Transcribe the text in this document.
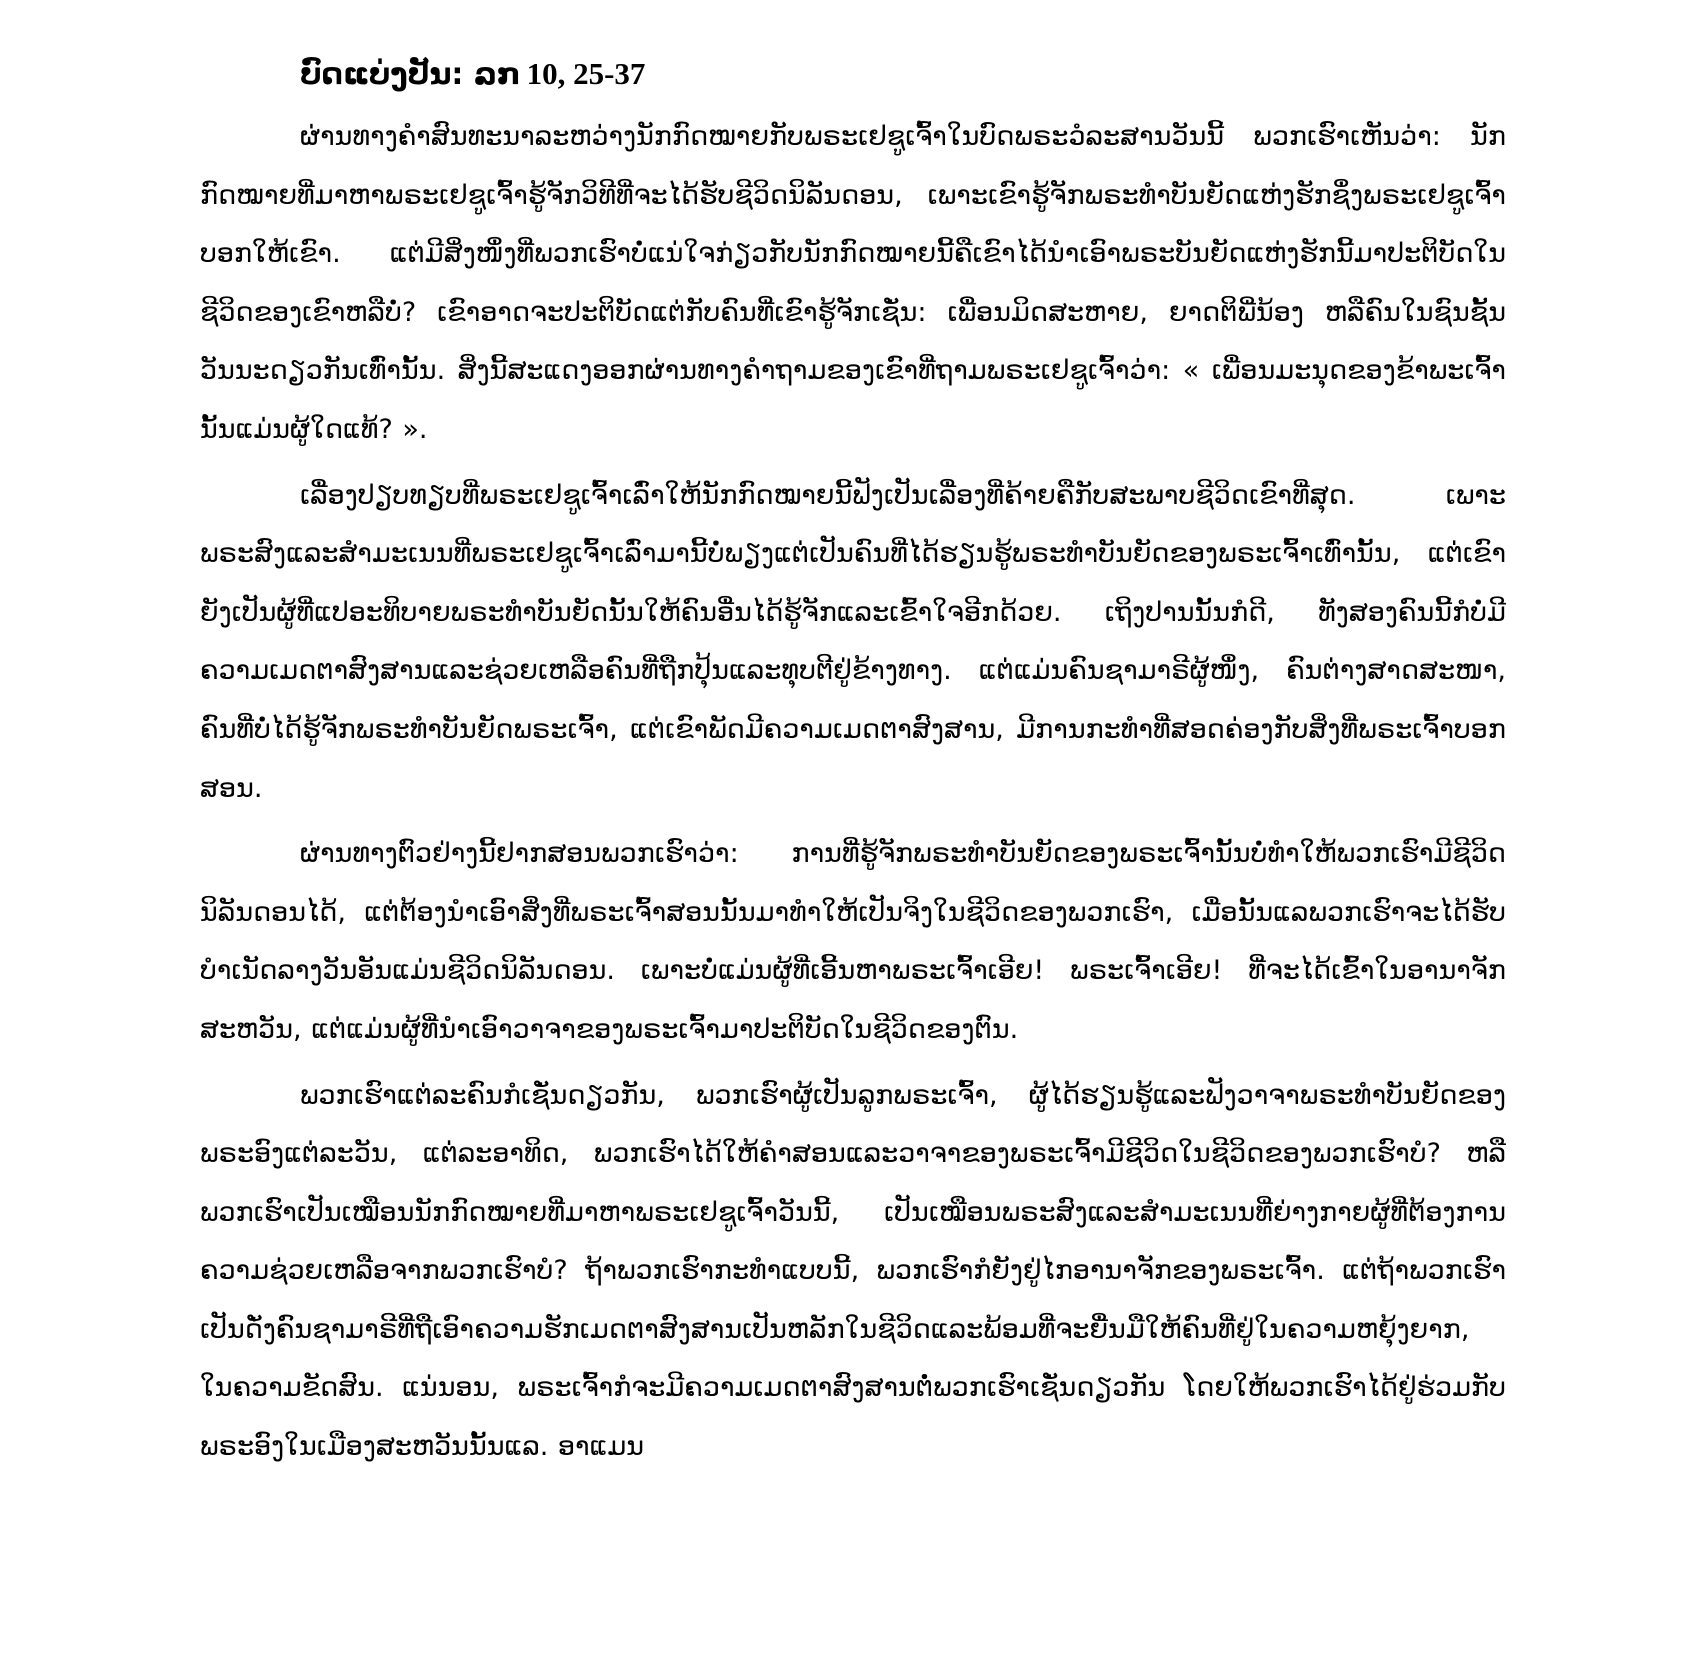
ບົດແບ່ງປັນ: ລກ 10, 25-37

ຜ່ານທາງຄຳສົນທະນາລະຫວ່າງນັກກົດໝາຍກັບພຣະເຢຊູເຈົ້າໃນບົດພຣະວໍລະສານວັນນີ້ ພວກເຮົາເຫັນວ່າ: ນັກກົດໝາຍທີ່ມາຫາພຣະເຢຊູເຈົ້າຮູ້ຈັກວິທີທີ່ຈະໄດ້ຮັບຊີວິດນິລັນດອນ, ເພາະເຂົາຮູ້ຈັກພຣະທຳບັນຍັດແຫ່ງຮັກຊຶ່ງພຣະເຢຊູເຈົ້າບອກໃຫ້ເຂົາ. ແຕ່ມີສິ່ງໜຶ່ງທີ່ພວກເຮົາບໍ່ແນ່ໃຈກ່ຽວກັບນັກກົດໝາຍນີ້ຄືເຂົາໄດ້ນຳເອົາພຣະບັນຍັດແຫ່ງຮັກນີ້ມາປະຕິບັດໃນຊີວິດຂອງເຂົາຫລືບໍ່? ເຂົາອາດຈະປະຕິບັດແຕ່ກັບຄົນທີ່ເຂົາຮູ້ຈັກເຊັ່ນ: ເພື່ອນມິດສະຫາຍ, ຍາດຕິພີ່ນ້ອງ ຫລືຄົນໃນຊົນຊັ້ນວັນນະດຽວກັນເທົ່ານັ້ນ. ສິ່ງນີ້ສະແດງອອກຜ່ານທາງຄຳຖາມຂອງເຂົາທີ່ຖາມພຣະເຢຊູເຈົ້າວ່າ: « ເພື່ອນມະນຸດຂອງຂ້າພະເຈົ້ານັ້ນແມ່ນຜູ້ໃດແທ້? ».

ເລື່ອງປຽບທຽບທີ່ພຣະເຢຊູເຈົ້າເລົ່າໃຫ້ນັກກົດໝາຍນີ້ຟັງເປັນເລື່ອງທີ່ຄ້າຍຄືກັບສະພາບຊີວິດເຂົາທີ່ສຸດ. ເພາະພຣະສົງແລະສຳມະເນນທີ່ພຣະເຢຊູເຈົ້າເລົ່າມານີ້ບໍ່ພຽງແຕ່ເປັນຄົນທີ່ໄດ້ຮຽນຮູ້ພຣະທຳບັນຍັດຂອງພຣະເຈົ້າເທົ່ານັ້ນ, ແຕ່ເຂົາຍັງເປັນຜູ້ທີ່ແປອະທິບາຍພຣະທຳບັນຍັດນັ້ນໃຫ້ຄົນອື່ນໄດ້ຮູ້ຈັກແລະເຂົ້າໃຈອີກດ້ວຍ. ເຖິງປານນັ້ນກໍດີ, ທັງສອງຄົນນີ້ກໍບໍ່ມີຄວາມເມດຕາສົງສານແລະຊ່ວຍເຫລືອຄົນທີ່ຖືກປຸ້ນແລະທຸບຕີຢູ່ຂ້າງທາງ. ແຕ່ແມ່ນຄົນຊາມາຣີຜູ້ໜຶ່ງ, ຄົນຕ່າງສາດສະໜາ, ຄົນທີ່ບໍ່ໄດ້ຮູ້ຈັກພຣະທຳບັນຍັດພຣະເຈົ້າ, ແຕ່ເຂົາພັດມີຄວາມເມດຕາສົງສານ, ມີການກະທຳທີ່ສອດຄ່ອງກັບສິ່ງທີ່ພຣະເຈົ້າບອກສອນ.

ຜ່ານທາງຕົວຢ່າງນີ້ຢາກສອນພວກເຮົາວ່າ: ການທີ່ຮູ້ຈັກພຣະທຳບັນຍັດຂອງພຣະເຈົ້ານັ້ນບໍ່ທຳໃຫ້ພວກເຮົາມີຊີວິດນິລັນດອນໄດ້, ແຕ່ຕ້ອງນຳເອົາສິ່ງທີ່ພຣະເຈົ້າສອນນັ້ນມາທຳໃຫ້ເປັນຈິງໃນຊີວິດຂອງພວກເຮົາ, ເມື່ອນັ້ນແລພວກເຮົາຈະໄດ້ຮັບບຳເນັດລາງວັນອັນແມ່ນຊີວິດນິລັນດອນ. ເພາະບໍ່ແມ່ນຜູ້ທີ່ເອີ້ນຫາພຣະເຈົ້າເອີຍ! ພຣະເຈົ້າເອີຍ! ທີ່ຈະໄດ້ເຂົ້າໃນອານາຈັກສະຫວັນ, ແຕ່ແມ່ນຜູ້ທີ່ນຳເອົາວາຈາຂອງພຣະເຈົ້າມາປະຕິບັດໃນຊີວິດຂອງຕົນ.

ພວກເຮົາແຕ່ລະຄົນກໍເຊັ່ນດຽວກັນ, ພວກເຮົາຜູ້ເປັນລູກພຣະເຈົ້າ, ຜູ້ໄດ້ຮຽນຮູ້ແລະຟັງວາຈາພຣະທຳບັນຍັດຂອງພຣະອົງແຕ່ລະວັນ, ແຕ່ລະອາທິດ, ພວກເຮົາໄດ້ໃຫ້ຄຳສອນແລະວາຈາຂອງພຣະເຈົ້າມີຊີວິດໃນຊີວິດຂອງພວກເຮົາບໍ? ຫລືພວກເຮົາເປັນເໝືອນນັກກົດໝາຍທີ່ມາຫາພຣະເຢຊູເຈົ້າວັນນີ້, ເປັນເໝືອນພຣະສົງແລະສຳມະເນນທີ່ຍ່າງກາຍຜູ້ທີ່ຕ້ອງການຄວາມຊ່ວຍເຫລືອຈາກພວກເຮົາບໍ? ຖ້າພວກເຮົາກະທຳແບບນີ້, ພວກເຮົາກໍຍັງຢູ່ໄກອານາຈັກຂອງພຣະເຈົ້າ. ແຕ່ຖ້າພວກເຮົາເປັນດັ່ງຄົນຊາມາຣີທີ່ຖືເອົາຄວາມຮັກເມດຕາສົງສານເປັນຫລັກໃນຊີວິດແລະພ້ອມທີ່ຈະຍື່ນມືໃຫ້ຄົນທີ່ຢູ່ໃນຄວາມຫຍຸ້ງຍາກ, ໃນຄວາມຂັດສົນ. ແນ່ນອນ, ພຣະເຈົ້າກໍຈະມີຄວາມເມດຕາສົງສານຕໍ່ພວກເຮົາເຊັ່ນດຽວກັນ ໂດຍໃຫ້ພວກເຮົາໄດ້ຢູ່ຮ່ວມກັບພຣະອົງໃນເມືອງສະຫວັນນັ້ນແລ. ອາແມນ
